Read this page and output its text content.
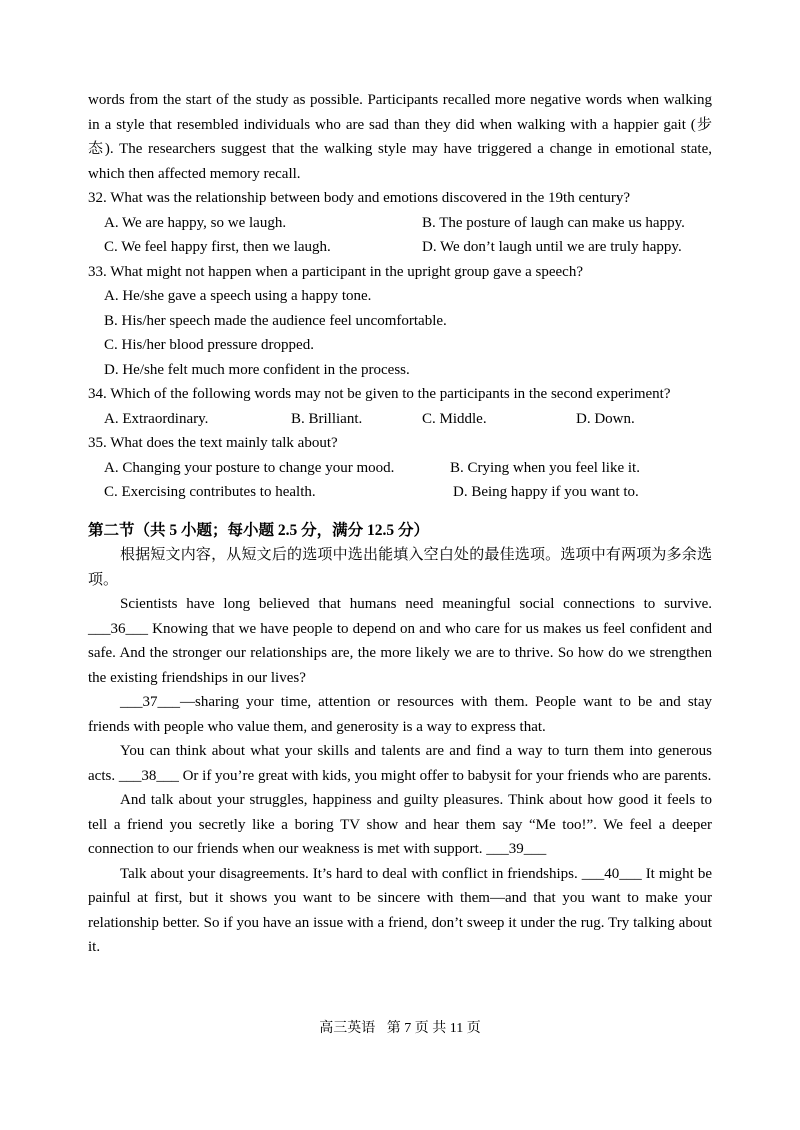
words from the start of the study as possible. Participants recalled more negative words when walking in a style that resembled individuals who are sad than they did when walking with a happier gait (步态). The researchers suggest that the walking style may have triggered a change in emotional state, which then affected memory recall.

32. What was the relationship between body and emotions discovered in the 19th century?

A. We are happy, so we laugh.	B. The posture of laugh can make us happy.
C. We feel happy first, then we laugh.	D. We don’t laugh until we are truly happy.

33. What might not happen when a participant in the upright group gave a speech?

A. He/she gave a speech using a happy tone.

B. His/her speech made the audience feel uncomfortable.

C. His/her blood pressure dropped.

D. He/she felt much more confident in the process.

34. Which of the following words may not be given to the participants in the second experiment?

A. Extraordinary.	B. Brilliant.	C. Middle.	D. Down.

35. What does the text mainly talk about?

A. Changing your posture to change your mood.	B. Crying when you feel like it.
C. Exercising contributes to health.	D. Being happy if you want to.
第二节（共 5 小题；每小题 2.5 分，满分 12.5 分）

根据短文内容，从短文后的选项中选出能填入空白处的最佳选项。选项中有两项为多余选项。

Scientists have long believed that humans need meaningful social connections to survive. ___36___ Knowing that we have people to depend on and who care for us makes us feel confident and safe. And the stronger our relationships are, the more likely we are to thrive. So how do we strengthen the existing friendships in our lives?

___37___—sharing your time, attention or resources with them. People want to be and stay friends with people who value them, and generosity is a way to express that.

You can think about what your skills and talents are and find a way to turn them into generous acts. ___38___ Or if you’re great with kids, you might offer to babysit for your friends who are parents.

And talk about your struggles, happiness and guilty pleasures. Think about how good it feels to tell a friend you secretly like a boring TV show and hear them say “Me too!”. We feel a deeper connection to our friends when our weakness is met with support. ___39___

Talk about your disagreements. It’s hard to deal with conflict in friendships. ___40___ It might be painful at first, but it shows you want to be sincere with them—and that you want to make your relationship better. So if you have an issue with a friend, don’t sweep it under the rug. Try talking about it.

高三英语 第 7 页 共 11 页
